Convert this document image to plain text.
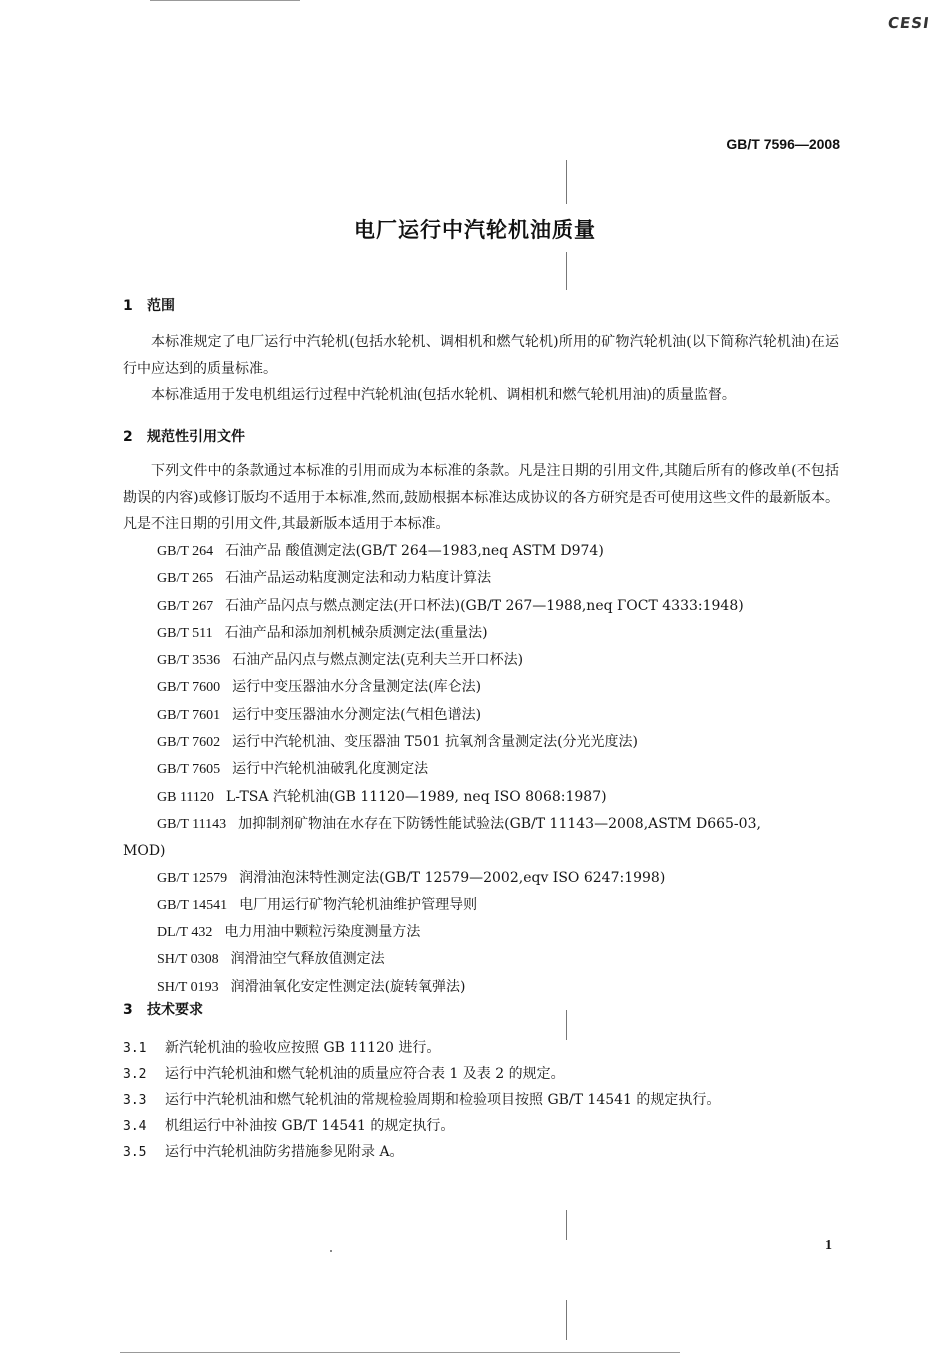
CESI
GB/T 7596—2008
电厂运行中汽轮机油质量
1 范围
本标准规定了电厂运行中汽轮机(包括水轮机、调相机和燃气轮机)所用的矿物汽轮机油(以下简称汽轮机油)在运行中应达到的质量标准。
本标准适用于发电机组运行过程中汽轮机油(包括水轮机、调相机和燃气轮机用油)的质量监督。
2 规范性引用文件
下列文件中的条款通过本标准的引用而成为本标准的条款。凡是注日期的引用文件,其随后所有的修改单(不包括勘误的内容)或修订版均不适用于本标准,然而,鼓励根据本标准达成协议的各方研究是否可使用这些文件的最新版本。凡是不注日期的引用文件,其最新版本适用于本标准。
GB/T 264 石油产品 酸值测定法(GB/T 264—1983,neq ASTM D974)
GB/T 265 石油产品运动粘度测定法和动力粘度计算法
GB/T 267 石油产品闪点与燃点测定法(开口杯法)(GB/T 267—1988,neq ГОСТ 4333:1948)
GB/T 511 石油产品和添加剂机械杂质测定法(重量法)
GB/T 3536 石油产品闪点与燃点测定法(克利夫兰开口杯法)
GB/T 7600 运行中变压器油水分含量测定法(库仑法)
GB/T 7601 运行中变压器油水分测定法(气相色谱法)
GB/T 7602 运行中汽轮机油、变压器油 T501 抗氧剂含量测定法(分光光度法)
GB/T 7605 运行中汽轮机油破乳化度测定法
GB 11120 L-TSA 汽轮机油(GB 11120—1989, neq ISO 8068:1987)
GB/T 11143 加抑制剂矿物油在水存在下防锈性能试验法(GB/T 11143—2008,ASTM D665-03,
MOD)
GB/T 12579 润滑油泡沫特性测定法(GB/T 12579—2002,eqv ISO 6247:1998)
GB/T 14541 电厂用运行矿物汽轮机油维护管理导则
DL/T 432 电力用油中颗粒污染度测量方法
SH/T 0308 润滑油空气释放值测定法
SH/T 0193 润滑油氧化安定性测定法(旋转氧弹法)
3 技术要求
3.1 新汽轮机油的验收应按照 GB 11120 进行。
3.2 运行中汽轮机油和燃气轮机油的质量应符合表 1 及表 2 的规定。
3.3 运行中汽轮机油和燃气轮机油的常规检验周期和检验项目按照 GB/T 14541 的规定执行。
3.4 机组运行中补油按 GB/T 14541 的规定执行。
3.5 运行中汽轮机油防劣措施参见附录 A。
1
